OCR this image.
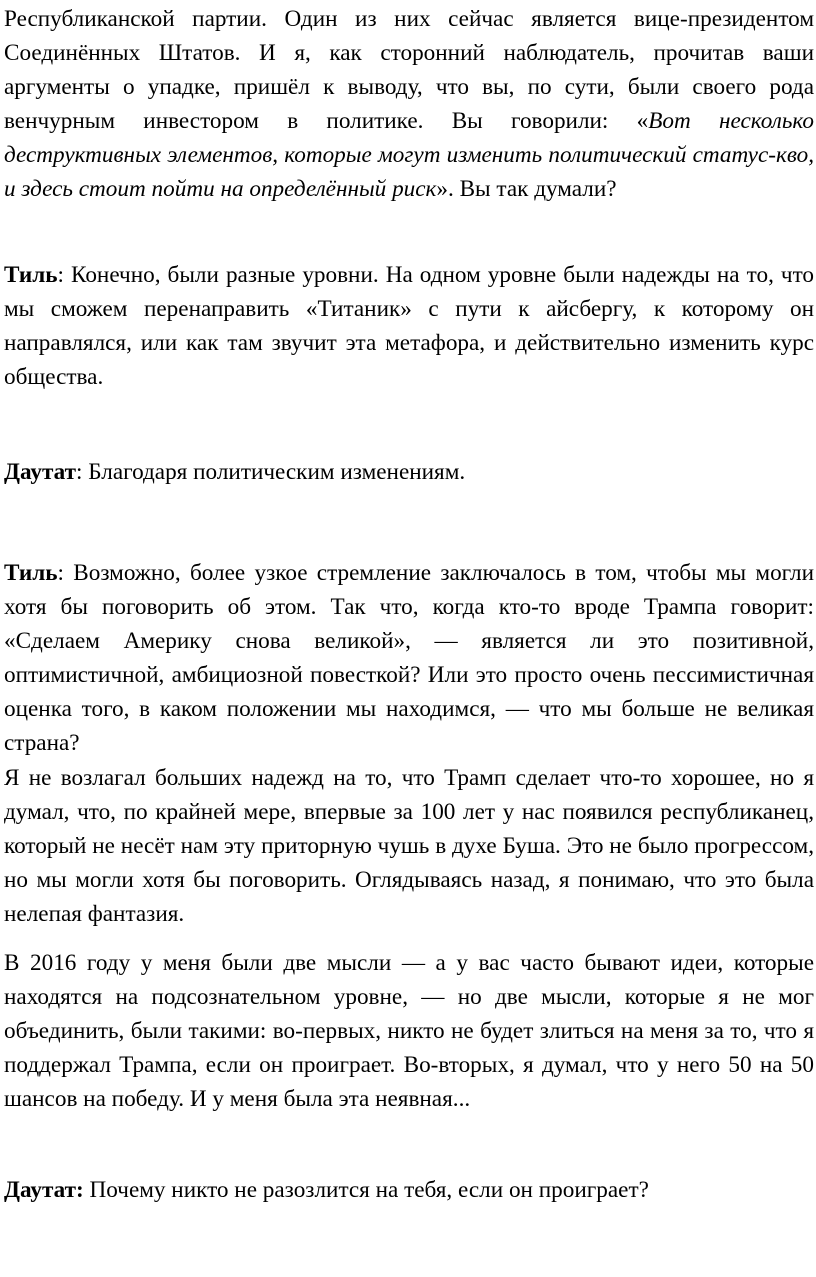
Республиканской партии. Один из них сейчас является вице-президентом Соединённых Штатов. И я, как сторонний наблюдатель, прочитав ваши аргументы о упадке, пришёл к выводу, что вы, по сути, были своего рода венчурным инвестором в политике. Вы говорили: «Вот несколько деструктивных элементов, которые могут изменить политический статус-кво, и здесь стоит пойти на определённый риск». Вы так думали?

Тиль: Конечно, были разные уровни. На одном уровне были надежды на то, что мы сможем перенаправить «Титаник» с пути к айсбергу, к которому он направлялся, или как там звучит эта метафора, и действительно изменить курс общества.

Даутат: Благодаря политическим изменениям.

Тиль: Возможно, более узкое стремление заключалось в том, чтобы мы могли хотя бы поговорить об этом. Так что, когда кто-то вроде Трампа говорит: «Сделаем Америку снова великой», — является ли это позитивной, оптимистичной, амбициозной повесткой? Или это просто очень пессимистичная оценка того, в каком положении мы находимся, — что мы больше не великая страна?

Я не возлагал больших надежд на то, что Трамп сделает что-то хорошее, но я думал, что, по крайней мере, впервые за 100 лет у нас появился республиканец, который не несёт нам эту приторную чушь в духе Буша. Это не было прогрессом, но мы могли хотя бы поговорить. Оглядываясь назад, я понимаю, что это была нелепая фантазия.

В 2016 году у меня были две мысли — а у вас часто бывают идеи, которые находятся на подсознательном уровне, — но две мысли, которые я не мог объединить, были такими: во-первых, никто не будет злиться на меня за то, что я поддержал Трампа, если он проиграет. Во-вторых, я думал, что у него 50 на 50 шансов на победу. И у меня была эта неявная...

Даутат: Почему никто не разозлится на тебя, если он проиграет?
